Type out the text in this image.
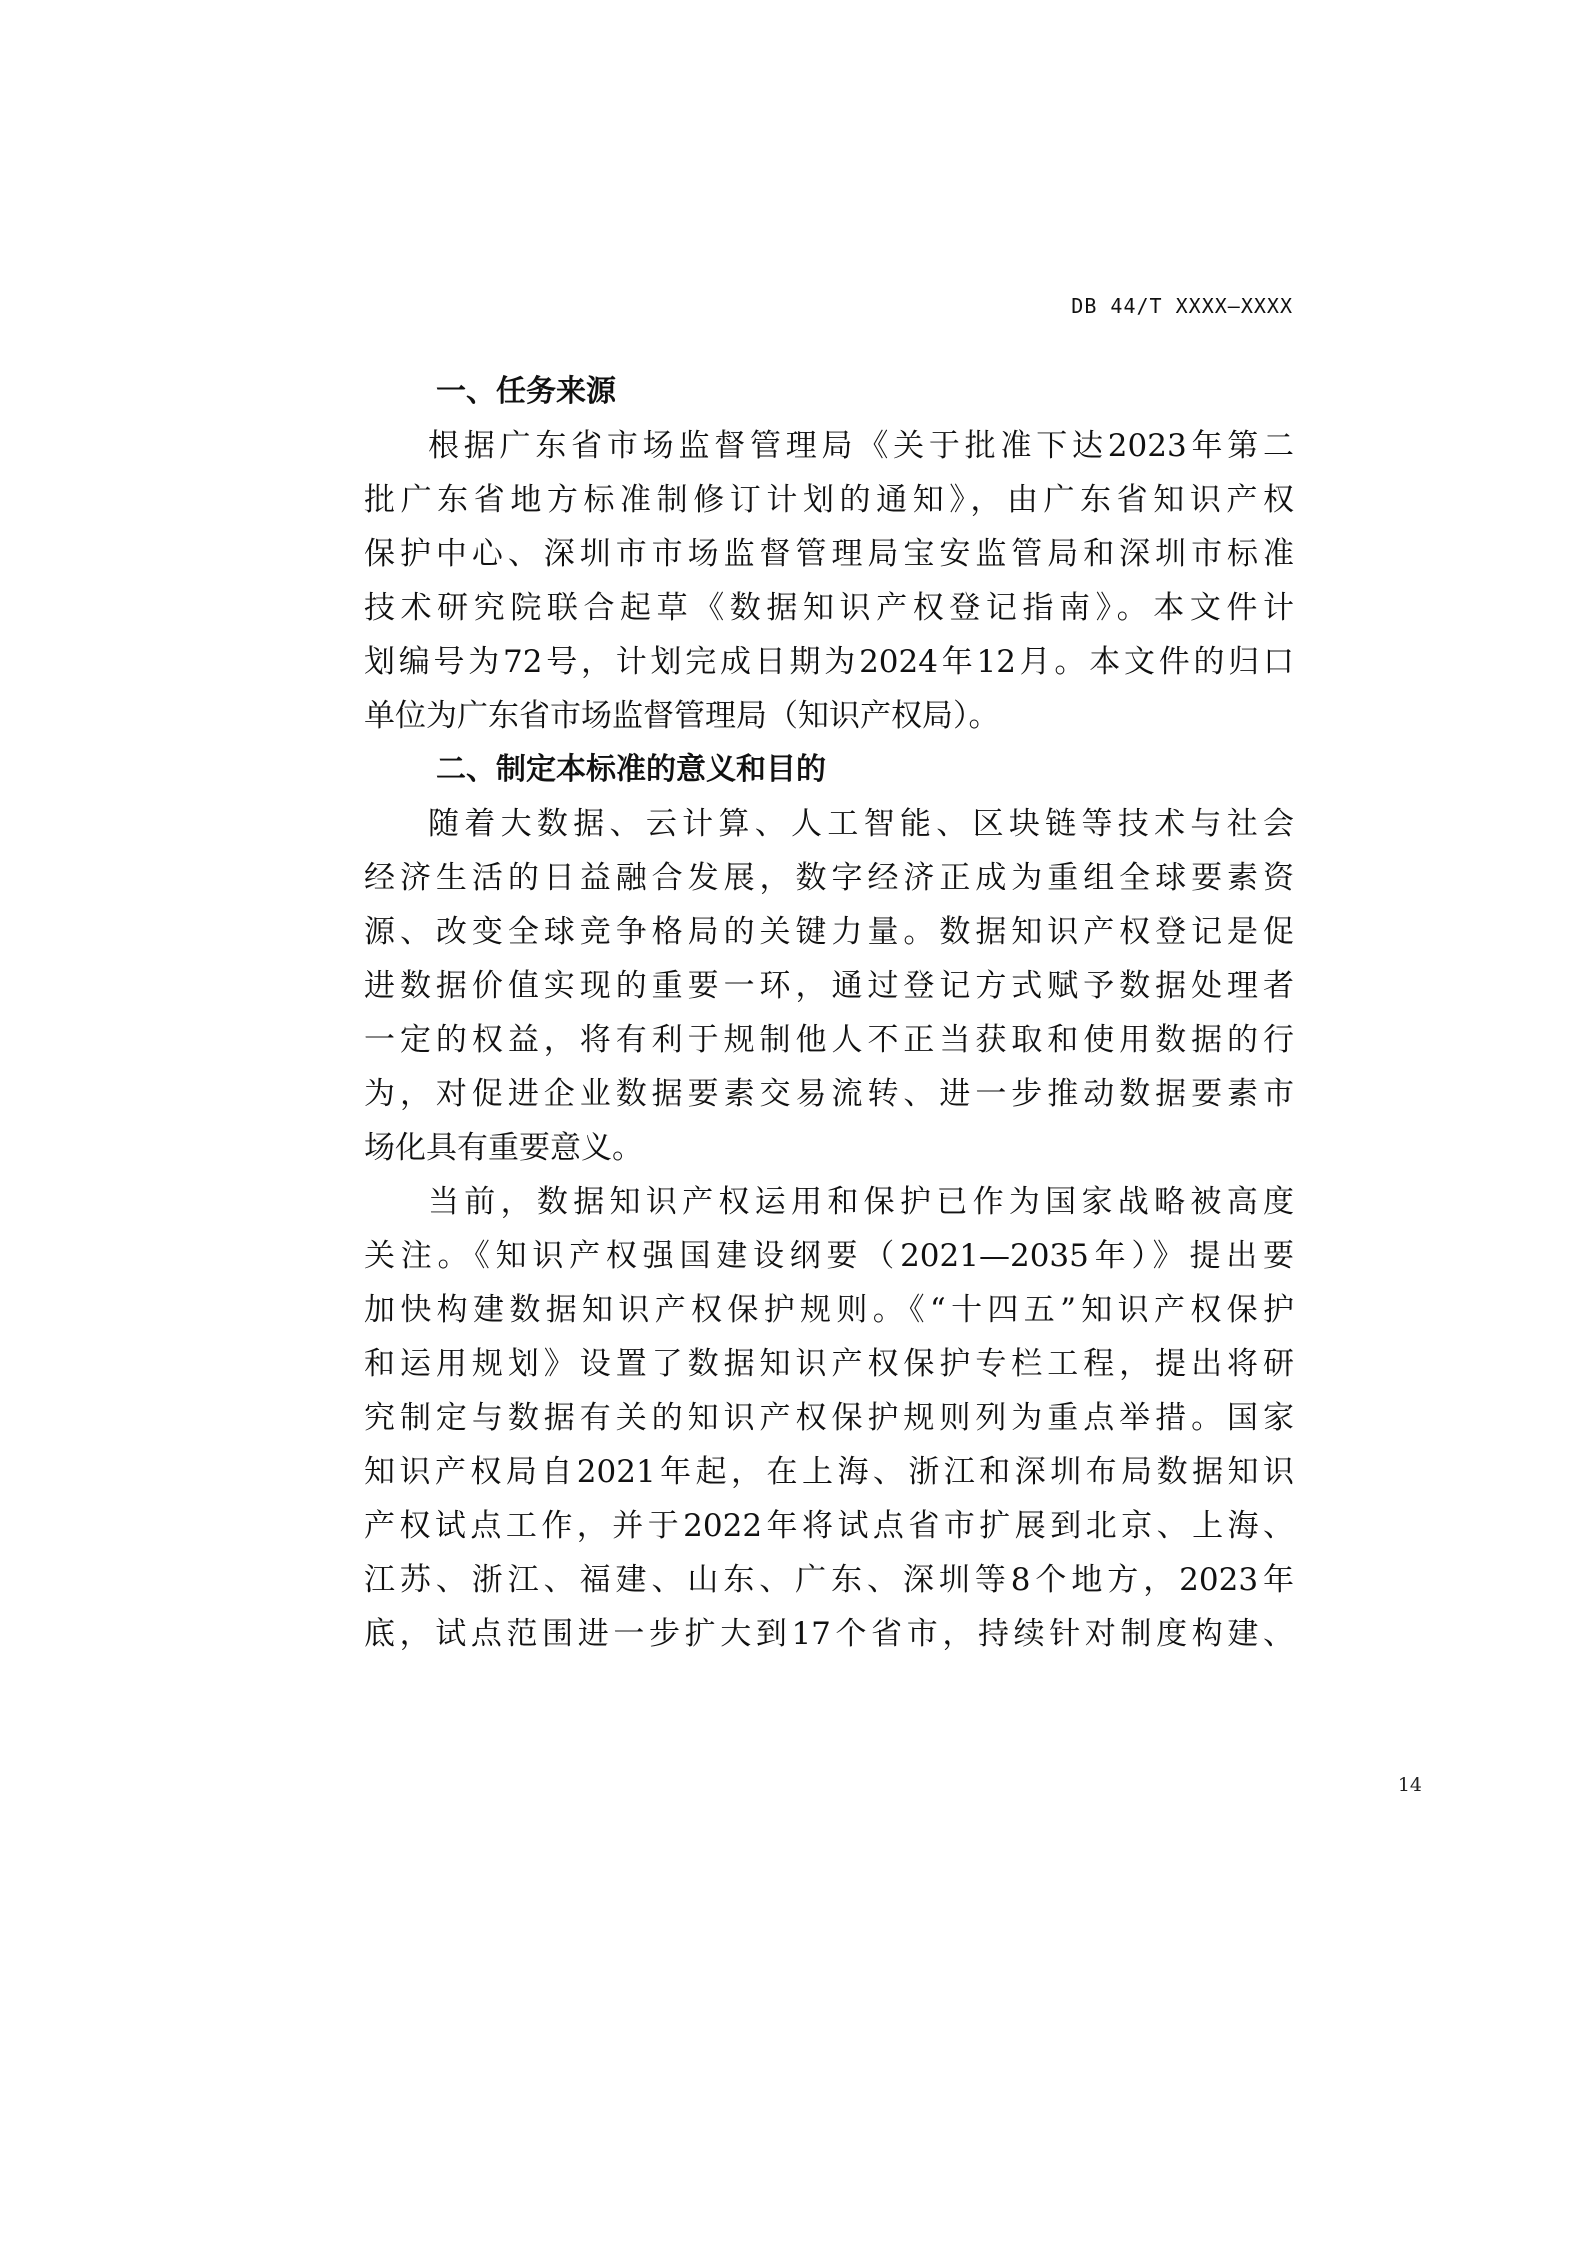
DB 44/T XXXX—XXXX
一、任务来源

根据广东省市场监督管理局《关于批准下达2023年第二

批广东省地方标准制修订计划的通知》，由广东省知识产权

保护中心、深圳市市场监督管理局宝安监管局和深圳市标准

技术研究院联合起草《数据知识产权登记指南》。本文件计

划编号为72号，计划完成日期为2024年12月。本文件的归口

单位为广东省市场监督管理局（知识产权局）。

二、制定本标准的意义和目的

随着大数据、云计算、人工智能、区块链等技术与社会

经济生活的日益融合发展，数字经济正成为重组全球要素资

源、改变全球竞争格局的关键力量。数据知识产权登记是促

进数据价值实现的重要一环，通过登记方式赋予数据处理者

一定的权益，将有利于规制他人不正当获取和使用数据的行

为，对促进企业数据要素交易流转、进一步推动数据要素市

场化具有重要意义。

当前，数据知识产权运用和保护已作为国家战略被高度

关注。《知识产权强国建设纲要（2021—2035年）》提出要

加快构建数据知识产权保护规则。《“十四五”知识产权保护

和运用规划》设置了数据知识产权保护专栏工程，提出将研

究制定与数据有关的知识产权保护规则列为重点举措。国家

知识产权局自2021年起，在上海、浙江和深圳布局数据知识

产权试点工作，并于2022年将试点省市扩展到北京、上海、

江苏、浙江、福建、山东、广东、深圳等8个地方，2023年

底，试点范围进一步扩大到17个省市，持续针对制度构建、

14
